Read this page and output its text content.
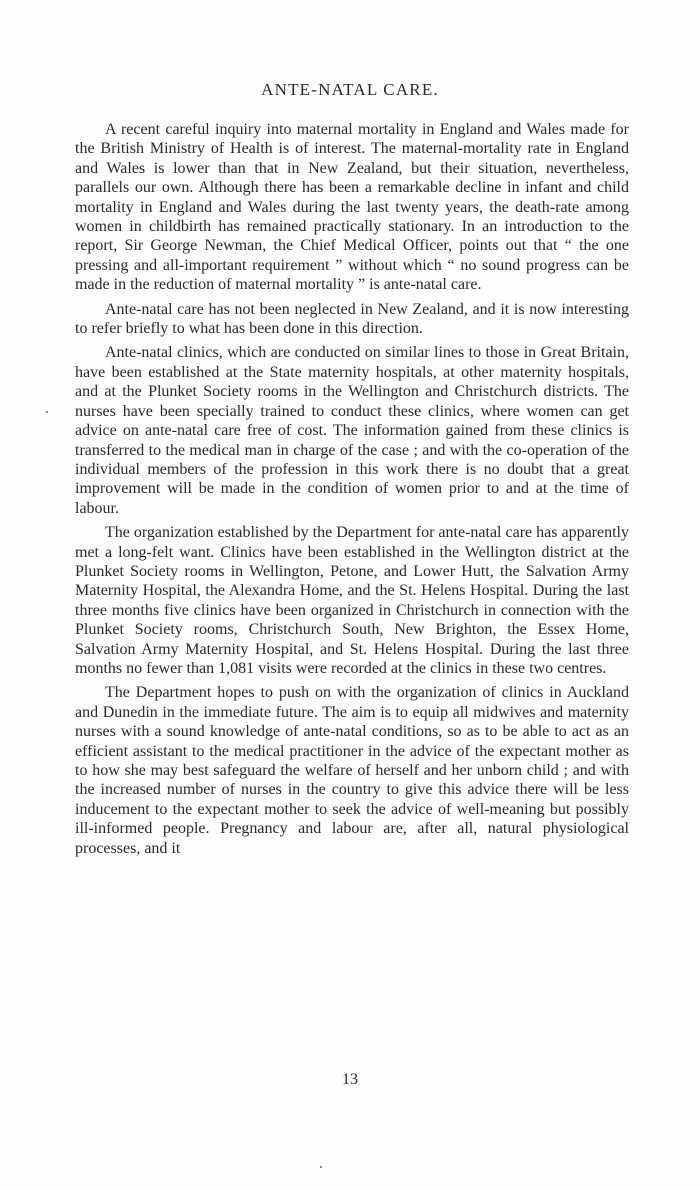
ANTE-NATAL CARE.

A recent careful inquiry into maternal mortality in England and Wales made for the British Ministry of Health is of interest. The maternal-mortality rate in England and Wales is lower than that in New Zealand, but their situation, nevertheless, parallels our own. Although there has been a remarkable decline in infant and child mortality in England and Wales during the last twenty years, the death-rate among women in childbirth has remained practically stationary. In an introduction to the report, Sir George Newman, the Chief Medical Officer, points out that “ the one pressing and all-important requirement ” without which “ no sound progress can be made in the reduction of maternal mortality ” is ante-natal care.

Ante-natal care has not been neglected in New Zealand, and it is now interesting to refer briefly to what has been done in this direction.

Ante-natal clinics, which are conducted on similar lines to those in Great Britain, have been established at the State maternity hospitals, at other maternity hospitals, and at the Plunket Society rooms in the Wellington and Christchurch districts. The nurses have been specially trained to conduct these clinics, where women can get advice on ante-natal care free of cost. The information gained from these clinics is transferred to the medical man in charge of the case ; and with the co-operation of the individual members of the profession in this work there is no doubt that a great improvement will be made in the condition of women prior to and at the time of labour.

The organization established by the Department for ante-natal care has apparently met a long-felt want. Clinics have been established in the Wellington district at the Plunket Society rooms in Wellington, Petone, and Lower Hutt, the Salvation Army Maternity Hospital, the Alexandra Home, and the St. Helens Hospital. During the last three months five clinics have been organized in Christchurch in connection with the Plunket Society rooms, Christchurch South, New Brighton, the Essex Home, Salvation Army Maternity Hospital, and St. Helens Hospital. During the last three months no fewer than 1,081 visits were recorded at the clinics in these two centres.

The Department hopes to push on with the organization of clinics in Auckland and Dunedin in the immediate future. The aim is to equip all midwives and maternity nurses with a sound knowledge of ante-natal conditions, so as to be able to act as an efficient assistant to the medical practitioner in the advice of the expectant mother as to how she may best safeguard the welfare of herself and her unborn child ; and with the increased number of nurses in the country to give this advice there will be less inducement to the expectant mother to seek the advice of well-meaning but possibly ill-informed people. Pregnancy and labour are, after all, natural physiological processes, and it

13
